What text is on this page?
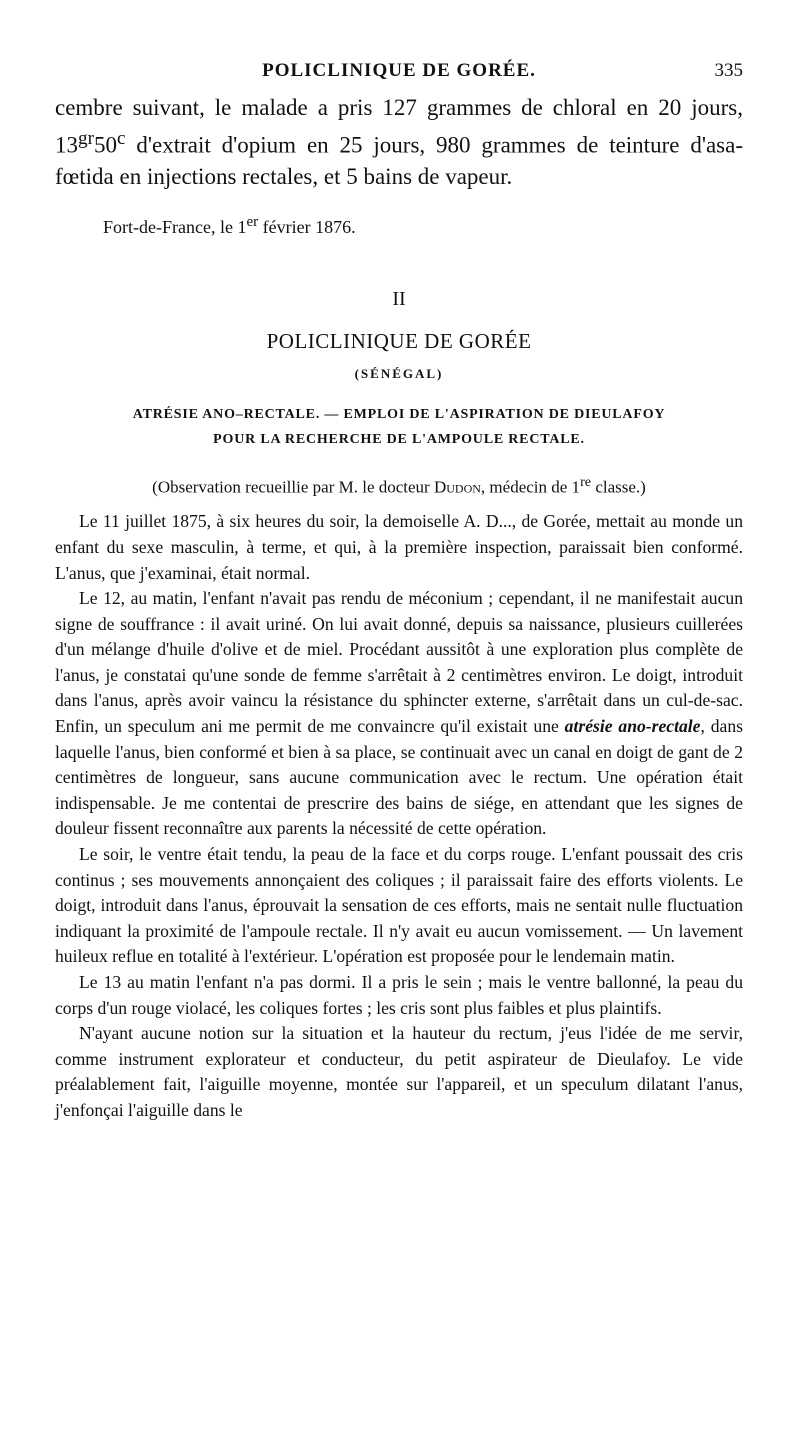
POLICLINIQUE DE GORÉE.	335

cembre suivant, le malade a pris 127 grammes de chloral en 20 jours, $13^{gr}50^c$ d'extrait d'opium en 25 jours, 980 grammes de teinture d'asa-fœtida en injections rectales, et 5 bains de vapeur.

Fort-de-France, le 1er février 1876.
II
POLICLINIQUE DE GORÉE
(SÉNÉGAL)
ATRÉSIE ANO–RECTALE. — EMPLOI DE L'ASPIRATION DE DIEULAFOY
POUR LA RECHERCHE DE L'AMPOULE RECTALE.
(Observation recueillie par M. le docteur Dudon, médecin de 1re classe.)

Le 11 juillet 1875, à six heures du soir, la demoiselle A. D..., de Gorée, mettait au monde un enfant du sexe masculin, à terme, et qui, à la première inspection, paraissait bien conformé. L'anus, que j'examinai, était normal.

Le 12, au matin, l'enfant n'avait pas rendu de méconium ; cependant, il ne manifestait aucun signe de souffrance : il avait uriné. On lui avait donné, depuis sa naissance, plusieurs cuillerées d'un mélange d'huile d'olive et de miel. Procédant aussitôt à une exploration plus complète de l'anus, je constatai qu'une sonde de femme s'arrêtait à 2 centimètres environ. Le doigt, introduit dans l'anus, après avoir vaincu la résistance du sphincter externe, s'arrêtait dans un cul-de-sac. Enfin, un speculum ani me permit de me convaincre qu'il existait une atrésie ano-rectale, dans laquelle l'anus, bien conformé et bien à sa place, se continuait avec un canal en doigt de gant de 2 centimètres de longueur, sans aucune communication avec le rectum. Une opération était indispensable. Je me contentai de prescrire des bains de siége, en attendant que les signes de douleur fissent reconnaître aux parents la nécessité de cette opération.

Le soir, le ventre était tendu, la peau de la face et du corps rouge. L'enfant poussait des cris continus ; ses mouvements annonçaient des coliques ; il paraissait faire des efforts violents. Le doigt, introduit dans l'anus, éprouvait la sensation de ces efforts, mais ne sentait nulle fluctuation indiquant la proximité de l'ampoule rectale. Il n'y avait eu aucun vomissement. — Un lavement huileux reflue en totalité à l'extérieur. L'opération est proposée pour le lendemain matin.

Le 13 au matin l'enfant n'a pas dormi. Il a pris le sein ; mais le ventre ballonné, la peau du corps d'un rouge violacé, les coliques fortes ; les cris sont plus faibles et plus plaintifs.

N'ayant aucune notion sur la situation et la hauteur du rectum, j'eus l'idée de me servir, comme instrument explorateur et conducteur, du petit aspirateur de Dieulafoy. Le vide préalablement fait, l'aiguille moyenne, montée sur l'appareil, et un speculum dilatant l'anus, j'enfonçai l'aiguille dans le
